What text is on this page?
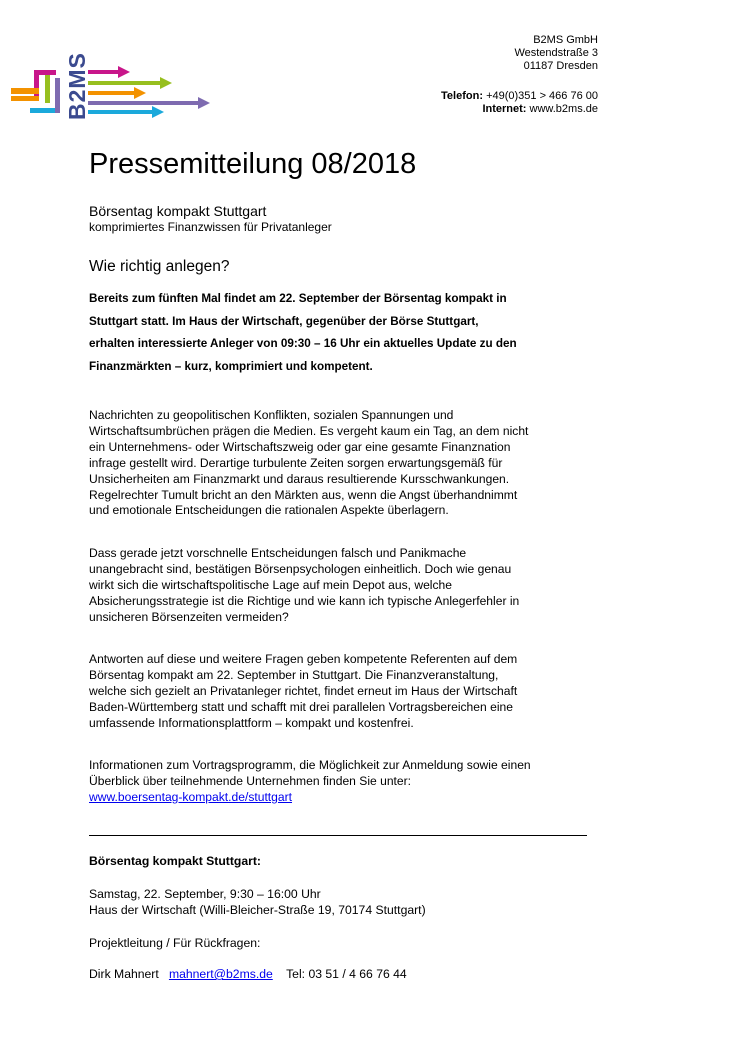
B2MS
B2MS GmbH
Westendstraße 3
01187 Dresden
Telefon: +49(0)351 > 466 76 00
Internet: www.b2ms.de
Pressemitteilung 08/2018
Börsentag kompakt Stuttgart
komprimiertes Finanzwissen für Privatanleger
Wie richtig anlegen?
Bereits zum fünften Mal findet am 22. September der Börsentag kompakt in
Stuttgart statt. Im Haus der Wirtschaft, gegenüber der Börse Stuttgart,
erhalten interessierte Anleger von 09:30 – 16 Uhr ein aktuelles Update zu den
Finanzmärkten – kurz, komprimiert und kompetent.
Nachrichten zu geopolitischen Konflikten, sozialen Spannungen und
Wirtschaftsumbrüchen prägen die Medien. Es vergeht kaum ein Tag, an dem nicht
ein Unternehmens- oder Wirtschaftszweig oder gar eine gesamte Finanznation
infrage gestellt wird. Derartige turbulente Zeiten sorgen erwartungsgemäß für
Unsicherheiten am Finanzmarkt und daraus resultierende Kursschwankungen.
Regelrechter Tumult bricht an den Märkten aus, wenn die Angst überhandnimmt
und emotionale Entscheidungen die rationalen Aspekte überlagern.
Dass gerade jetzt vorschnelle Entscheidungen falsch und Panikmache
unangebracht sind, bestätigen Börsenpsychologen einheitlich. Doch wie genau
wirkt sich die wirtschaftspolitische Lage auf mein Depot aus, welche
Absicherungsstrategie ist die Richtige und wie kann ich typische Anlegerfehler in
unsicheren Börsenzeiten vermeiden?
Antworten auf diese und weitere Fragen geben kompetente Referenten auf dem
Börsentag kompakt am 22. September in Stuttgart. Die Finanzveranstaltung,
welche sich gezielt an Privatanleger richtet, findet erneut im Haus der Wirtschaft
Baden-Württemberg statt und schafft mit drei parallelen Vortragsbereichen eine
umfassende Informationsplattform – kompakt und kostenfrei.
Informationen zum Vortragsprogramm, die Möglichkeit zur Anmeldung sowie einen
Überblick über teilnehmende Unternehmen finden Sie unter:
www.boersentag-kompakt.de/stuttgart
Börsentag kompakt Stuttgart:
Samstag, 22. September, 9:30 – 16:00 Uhr
Haus der Wirtschaft (Willi-Bleicher-Straße 19, 70174 Stuttgart)
Projektleitung / Für Rückfragen:
Dirk Mahnert mahnert@b2ms.de Tel: 03 51 / 4 66 76 44
